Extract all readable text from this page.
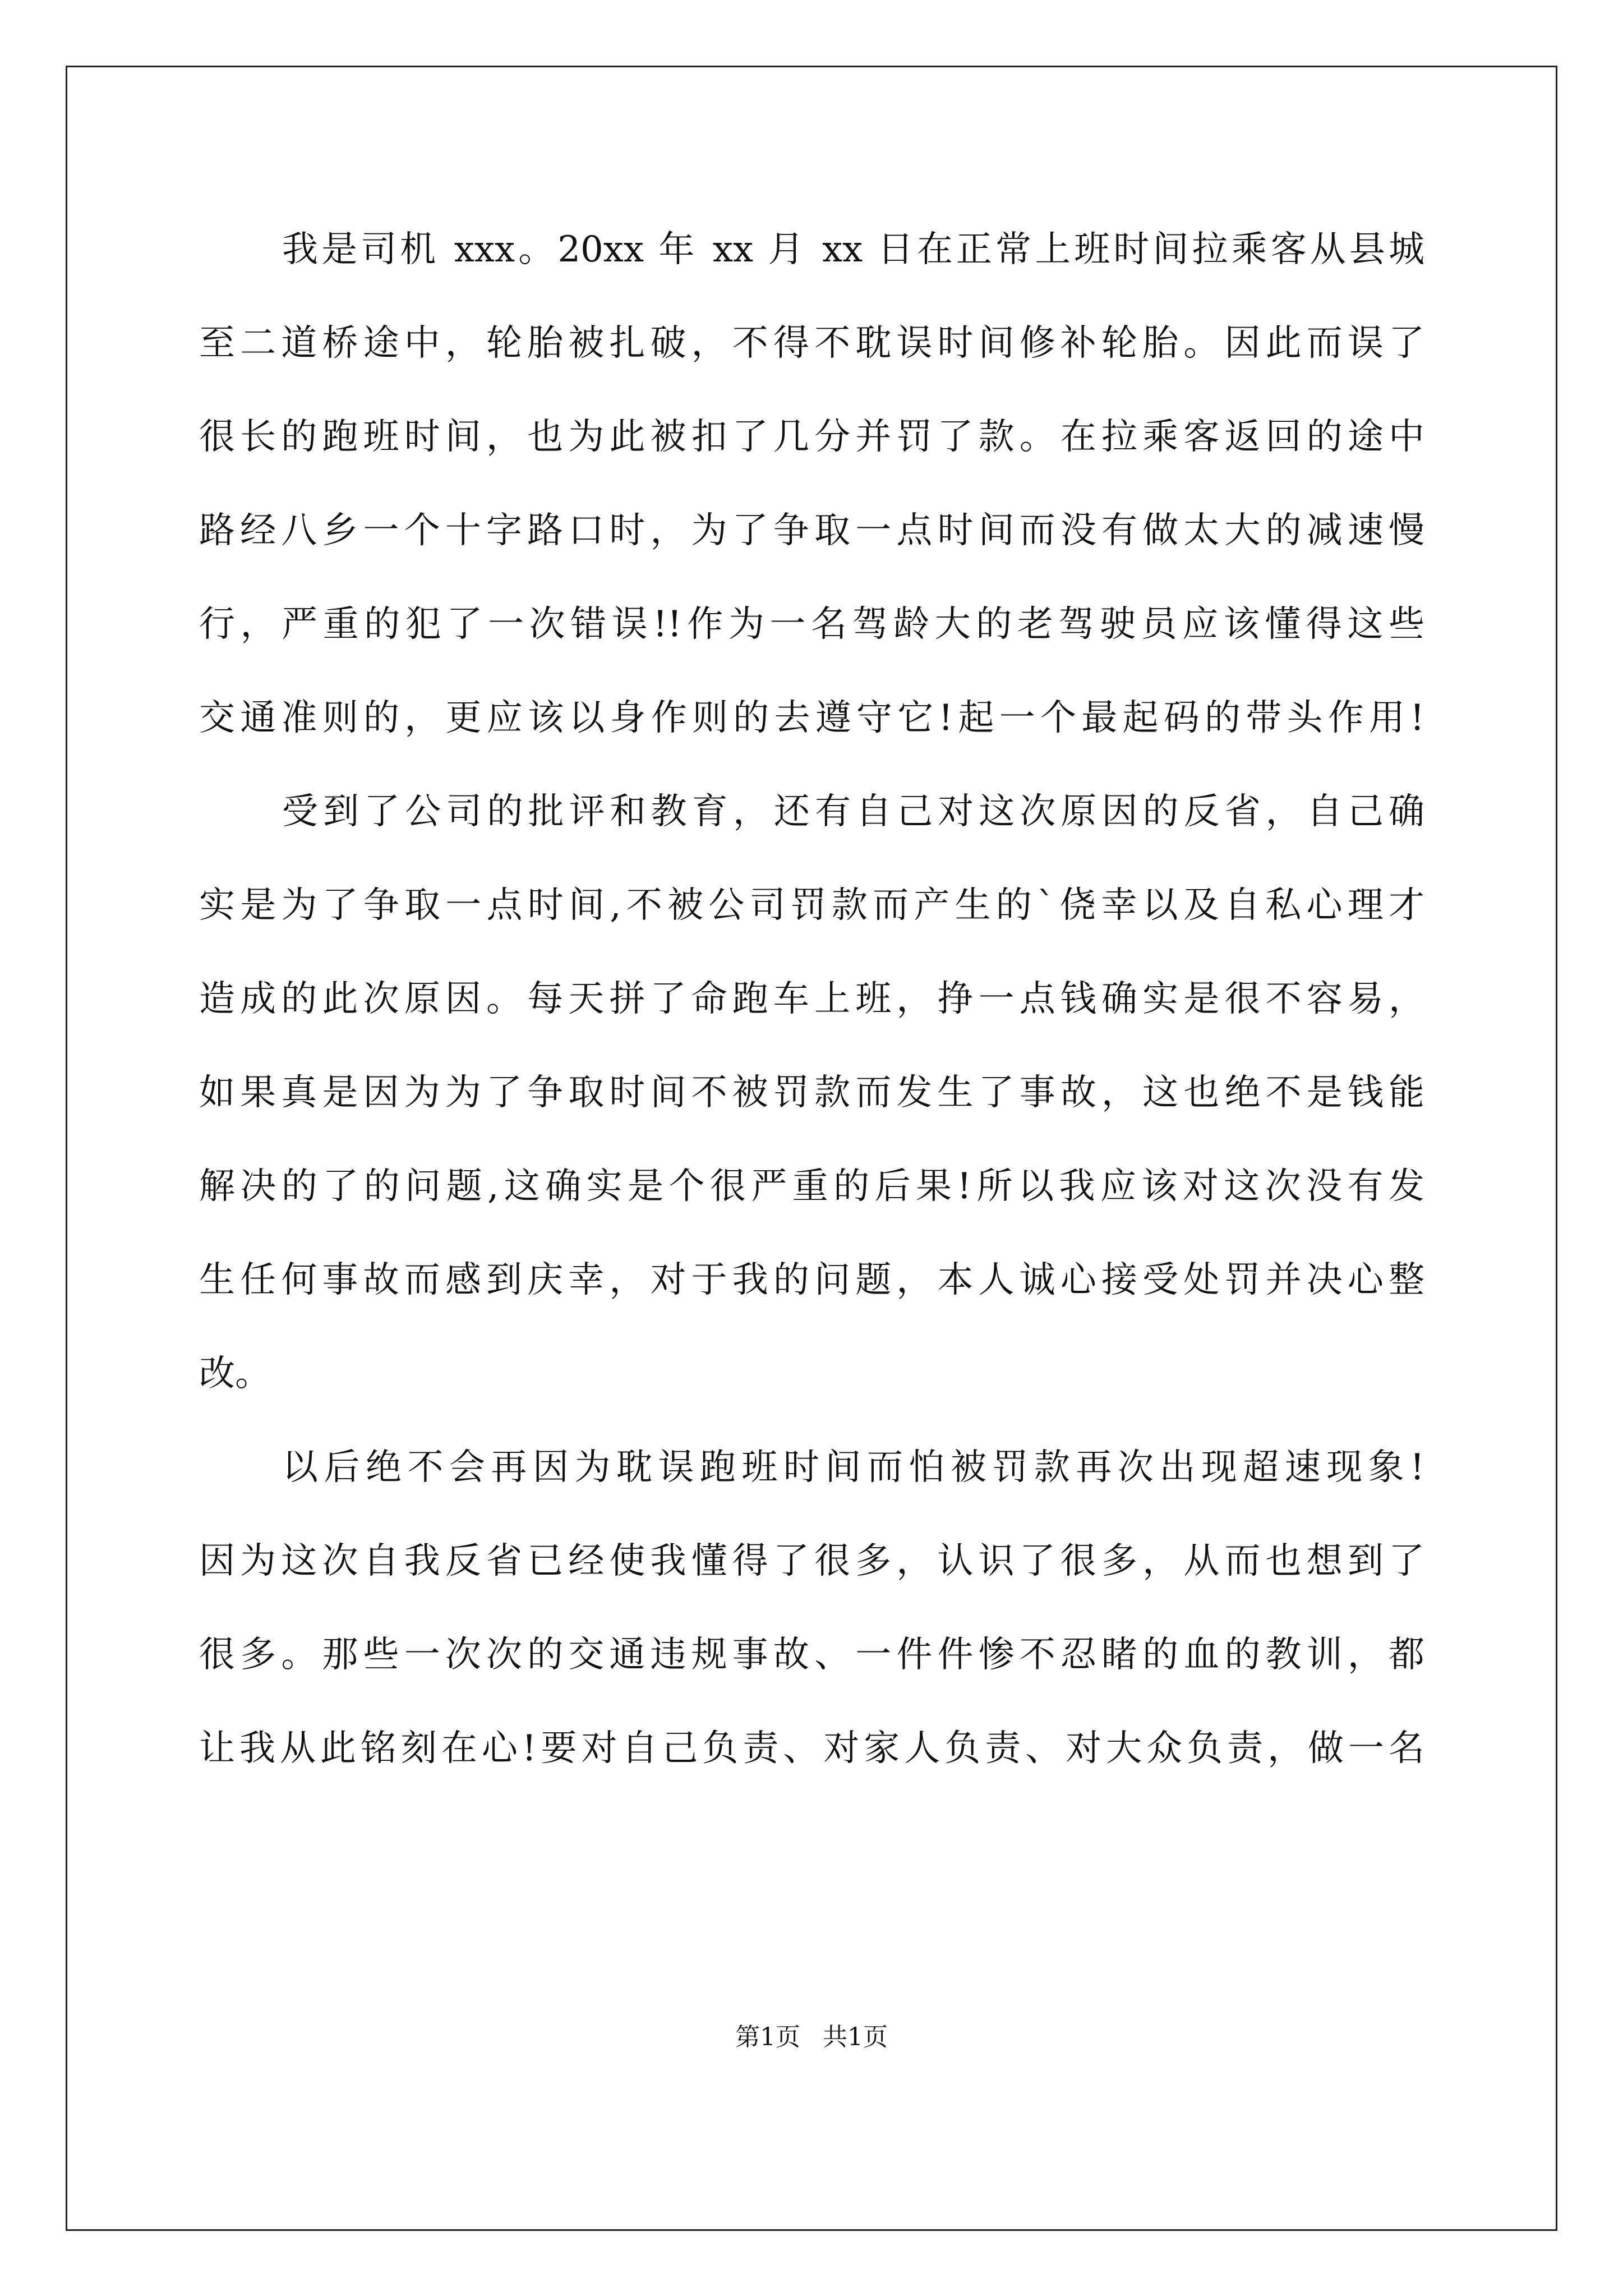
我是司机 xxx。20xx 年 xx 月 xx 日在正常上班时间拉乘客从县城
至二道桥途中，轮胎被扎破，不得不耽误时间修补轮胎。因此而误了
很长的跑班时间，也为此被扣了几分并罚了款。在拉乘客返回的途中
路经八乡一个十字路口时，为了争取一点时间而没有做太大的减速慢
行，严重的犯了一次错误!!作为一名驾龄大的老驾驶员应该懂得这些
交通准则的，更应该以身作则的去遵守它!起一个最起码的带头作用!
受到了公司的批评和教育，还有自己对这次原因的反省，自己确
实是为了争取一点时间,不被公司罚款而产生的`侥幸以及自私心理才
造成的此次原因。每天拼了命跑车上班，挣一点钱确实是很不容易，
如果真是因为为了争取时间不被罚款而发生了事故，这也绝不是钱能
解决的了的问题,这确实是个很严重的后果!所以我应该对这次没有发
生任何事故而感到庆幸，对于我的问题，本人诚心接受处罚并决心整
改。
以后绝不会再因为耽误跑班时间而怕被罚款再次出现超速现象!
因为这次自我反省已经使我懂得了很多，认识了很多，从而也想到了
很多。那些一次次的交通违规事故、一件件惨不忍睹的血的教训，都
让我从此铭刻在心!要对自己负责、对家人负责、对大众负责，做一名
第1页 共1页
